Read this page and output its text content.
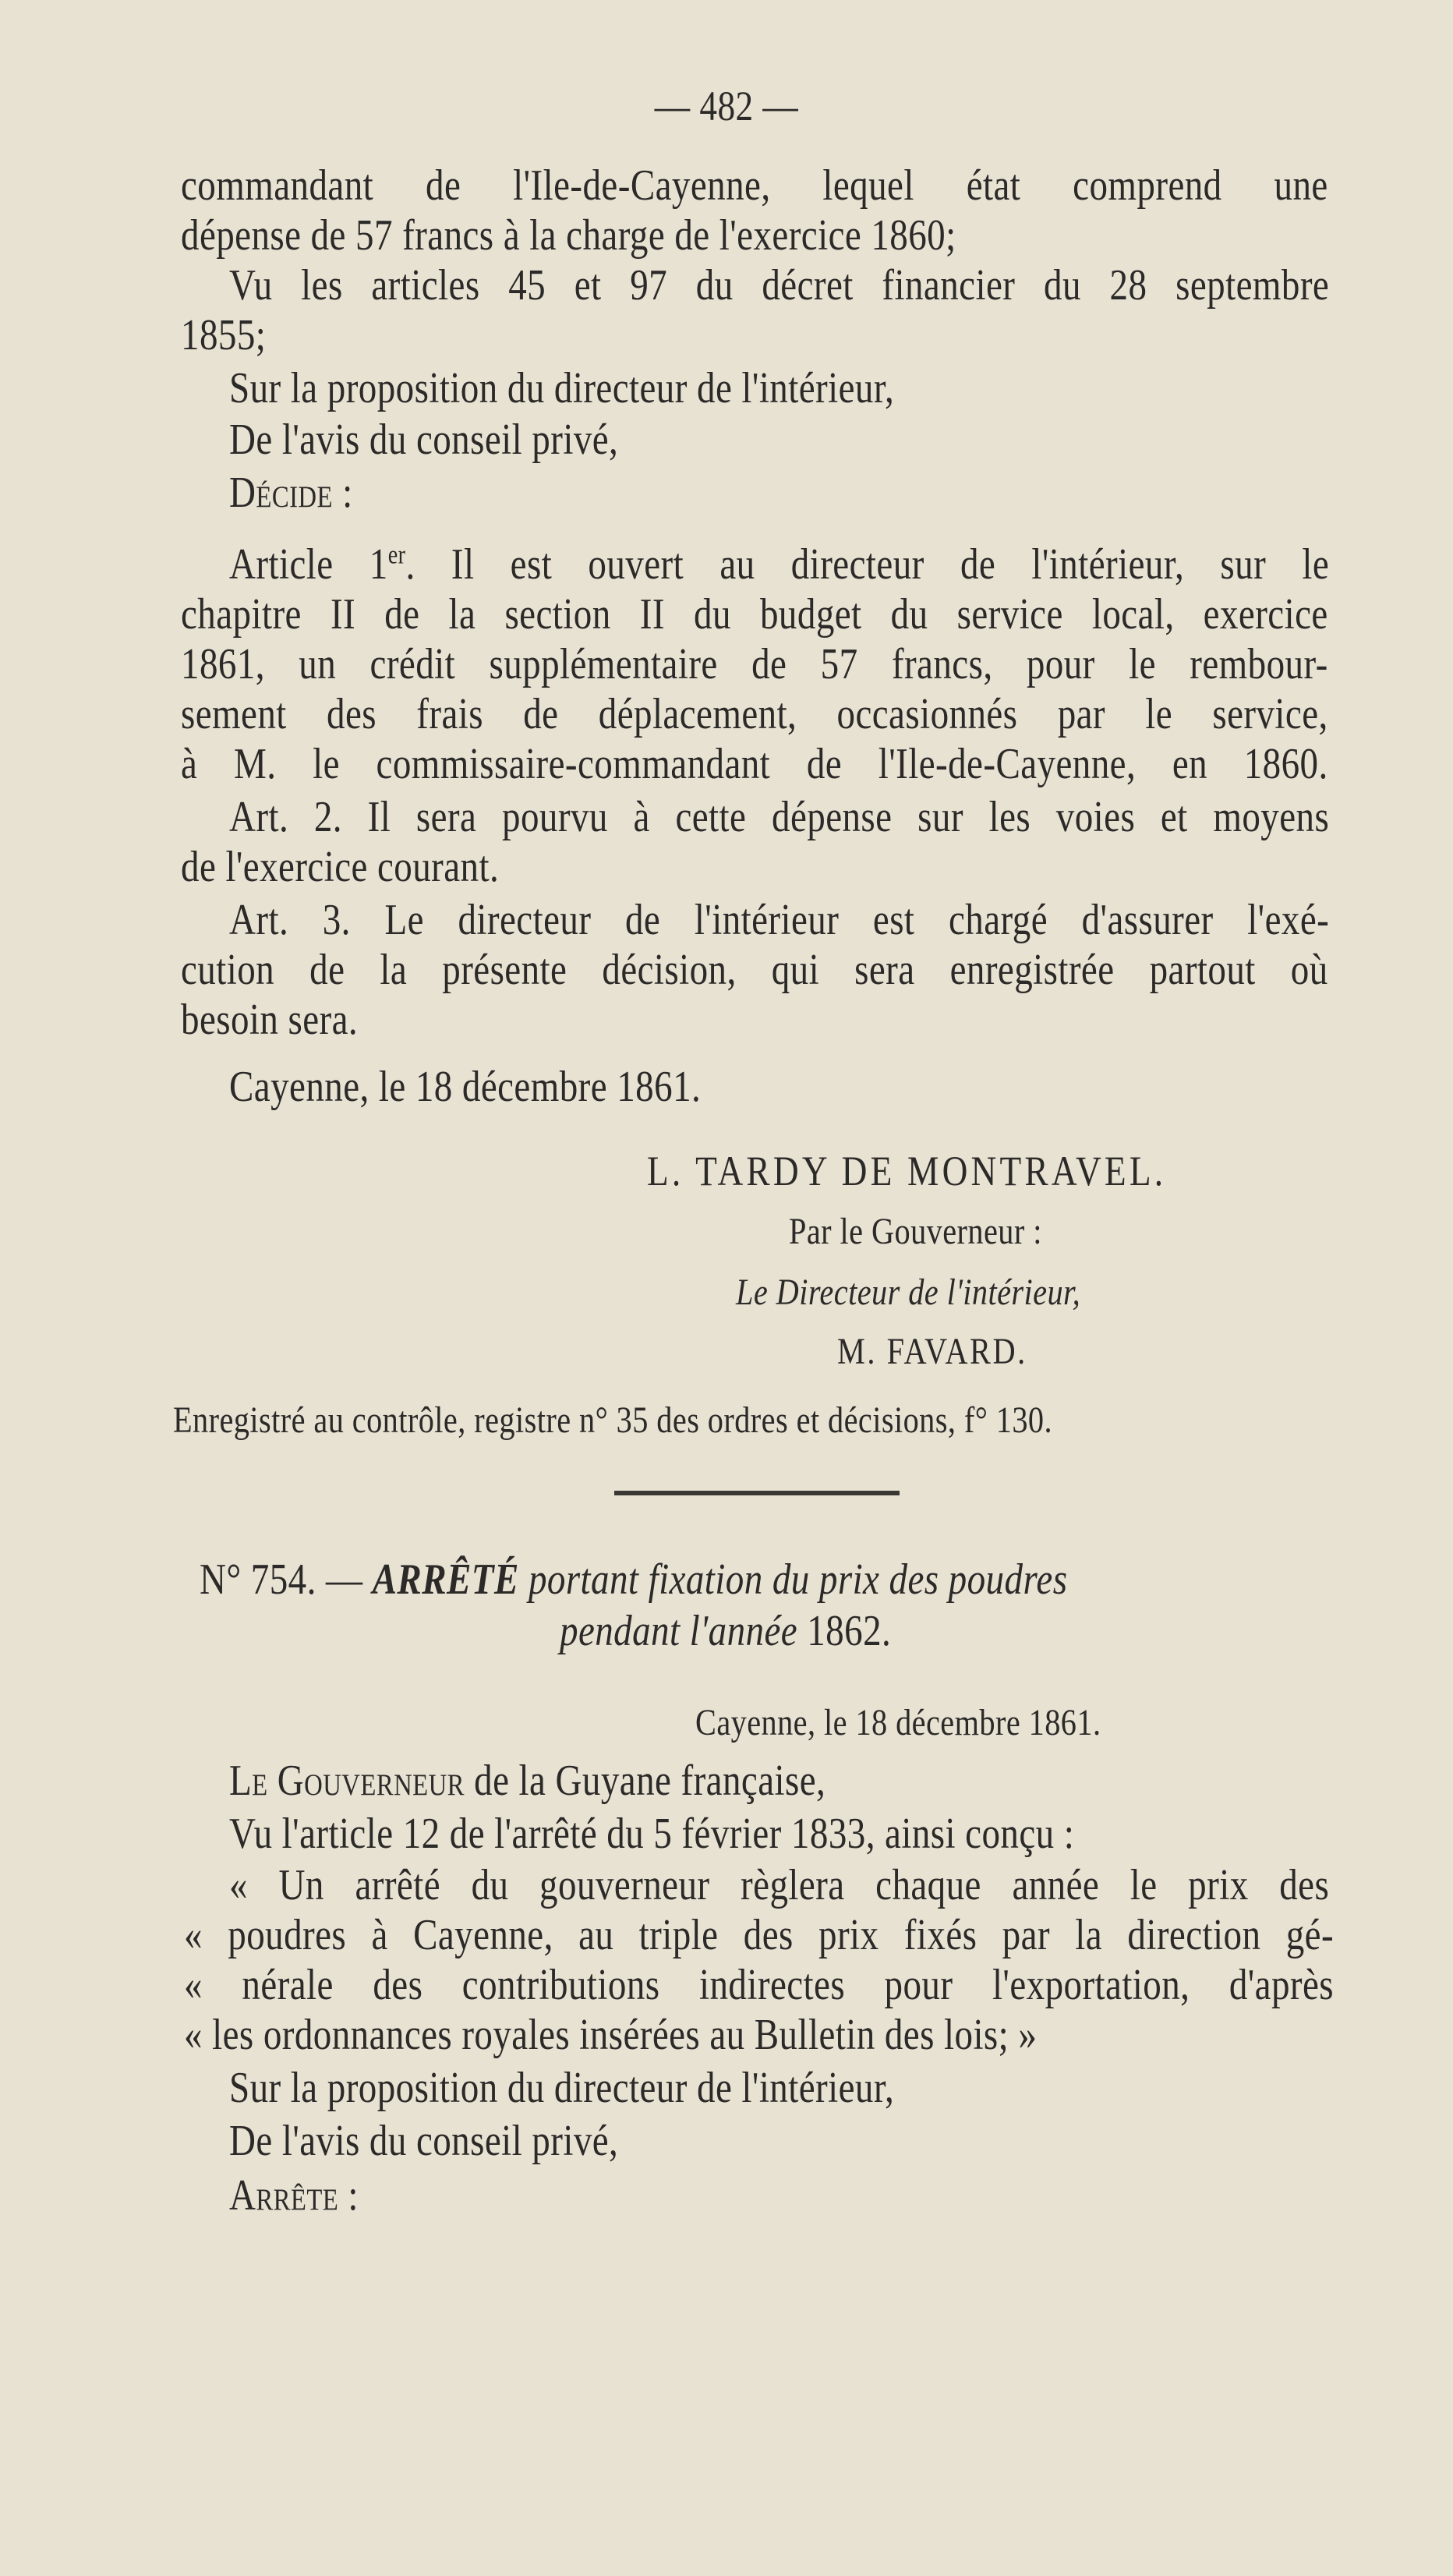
— 482 —
commandant de l'Ile-de-Cayenne, lequel état comprend une
dépense de 57 francs à la charge de l'exercice 1860;
Vu les articles 45 et 97 du décret financier du 28 septembre
1855;
Sur la proposition du directeur de l'intérieur,
De l'avis du conseil privé,
Décide :
Article 1er. Il est ouvert au directeur de l'intérieur, sur le
chapitre II de la section II du budget du service local, exercice
1861, un crédit supplémentaire de 57 francs, pour le rembour-
sement des frais de déplacement, occasionnés par le service,
à M. le commissaire-commandant de l'Ile-de-Cayenne, en 1860.
Art. 2. Il sera pourvu à cette dépense sur les voies et moyens
de l'exercice courant.
Art. 3. Le directeur de l'intérieur est chargé d'assurer l'exé-
cution de la présente décision, qui sera enregistrée partout où
besoin sera.
Cayenne, le 18 décembre 1861.
L. TARDY DE MONTRAVEL.
Par le Gouverneur :
Le Directeur de l'intérieur,
M. FAVARD.
Enregistré au contrôle, registre n° 35 des ordres et décisions, f° 130.
N° 754. — ARRÊTÉ portant fixation du prix des poudres
pendant l'année 1862.
Cayenne, le 18 décembre 1861.
Le Gouverneur de la Guyane française,
Vu l'article 12 de l'arrêté du 5 février 1833, ainsi conçu :
« Un arrêté du gouverneur règlera chaque année le prix des
« poudres à Cayenne, au triple des prix fixés par la direction gé-
« nérale des contributions indirectes pour l'exportation, d'après
« les ordonnances royales insérées au Bulletin des lois; »
Sur la proposition du directeur de l'intérieur,
De l'avis du conseil privé,
Arrête :
